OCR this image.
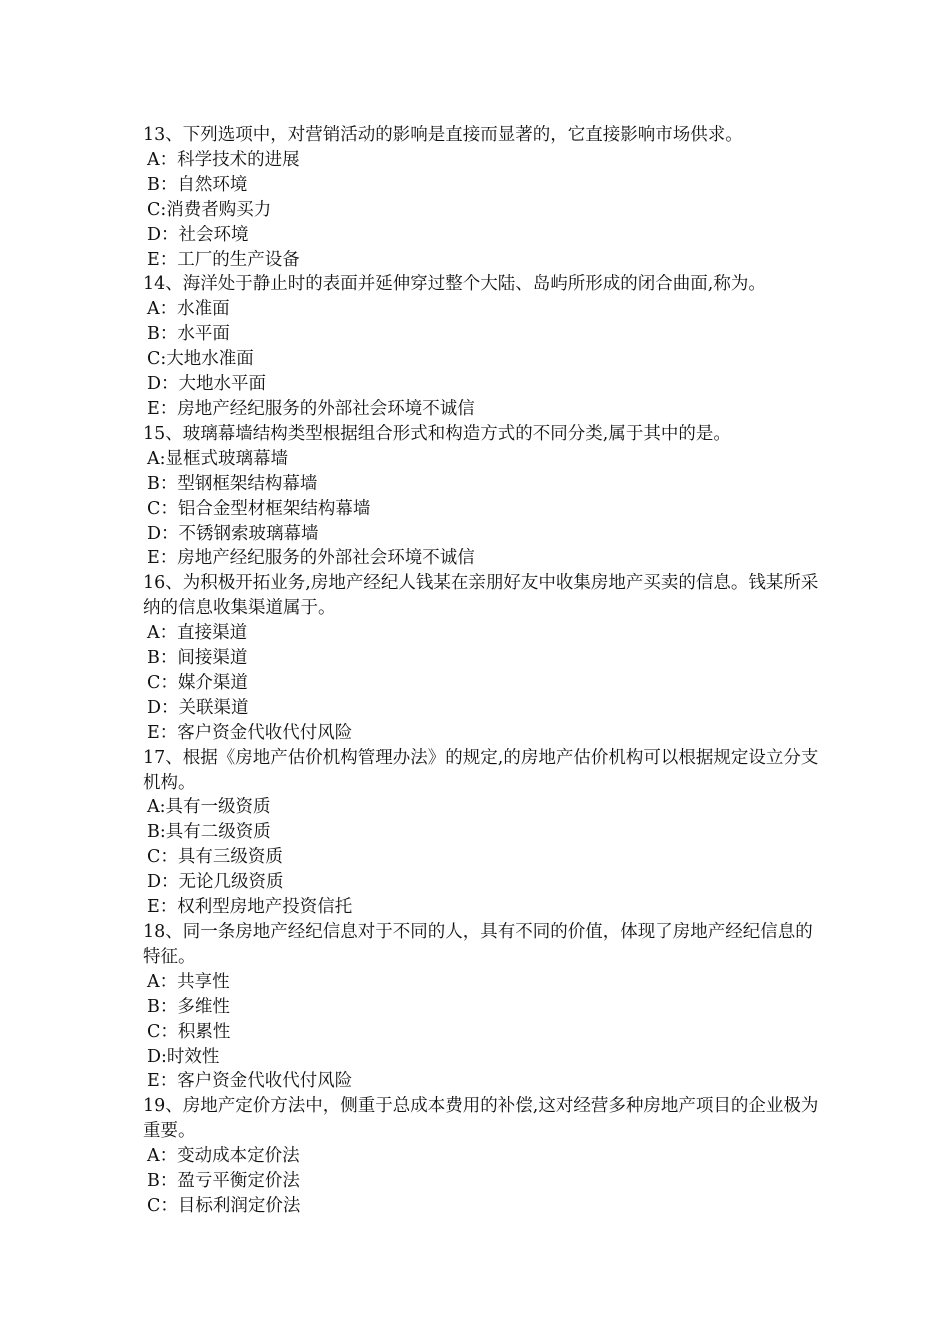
13、下列选项中，对营销活动的影响是直接而显著的，它直接影响市场供求。
A：科学技术的进展
B：自然环境
C:消费者购买力
D：社会环境
E：工厂的生产设备
14、海洋处于静止时的表面并延伸穿过整个大陆、岛屿所形成的闭合曲面,称为。
A：水准面
B：水平面
C:大地水准面
D：大地水平面
E：房地产经纪服务的外部社会环境不诚信
15、玻璃幕墙结构类型根据组合形式和构造方式的不同分类,属于其中的是。
A:显框式玻璃幕墙
B：型钢框架结构幕墙
C：铝合金型材框架结构幕墙
D：不锈钢索玻璃幕墙
E：房地产经纪服务的外部社会环境不诚信
16、为积极开拓业务,房地产经纪人钱某在亲朋好友中收集房地产买卖的信息。钱某所采纳的信息收集渠道属于。
A：直接渠道
B：间接渠道
C：媒介渠道
D：关联渠道
E：客户资金代收代付风险
17、根据《房地产估价机构管理办法》的规定,的房地产估价机构可以根据规定设立分支机构。
A:具有一级资质
B:具有二级资质
C：具有三级资质
D：无论几级资质
E：权利型房地产投资信托
18、同一条房地产经纪信息对于不同的人，具有不同的价值，体现了房地产经纪信息的特征。
A：共享性
B：多维性
C：积累性
D:时效性
E：客户资金代收代付风险
19、房地产定价方法中，侧重于总成本费用的补偿,这对经营多种房地产项目的企业极为重要。
A：变动成本定价法
B：盈亏平衡定价法
C：目标利润定价法
